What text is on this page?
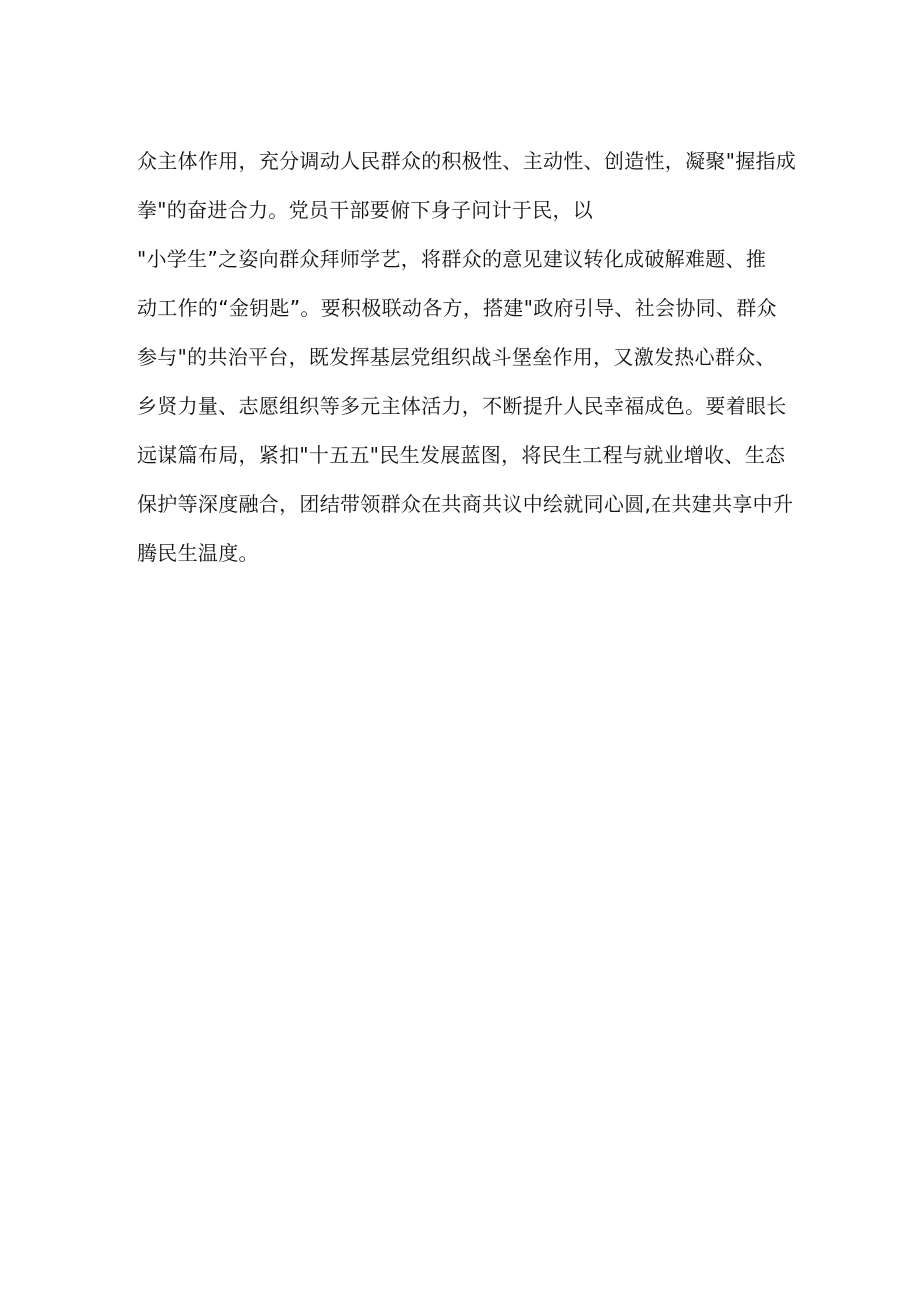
众主体作用，充分调动人民群众的积极性、主动性、创造性，凝聚"握指成
拳"的奋进合力。党员干部要俯下身子问计于民，以
"小学生”之姿向群众拜师学艺，将群众的意见建议转化成破解难题、推
动工作的“金钥匙”。要积极联动各方，搭建"政府引导、社会协同、群众
参与"的共治平台，既发挥基层党组织战斗堡垒作用，又激发热心群众、
乡贤力量、志愿组织等多元主体活力，不断提升人民幸福成色。要着眼长
远谋篇布局，紧扣"十五五"民生发展蓝图，将民生工程与就业增收、生态
保护等深度融合，团结带领群众在共商共议中绘就同心圆,在共建共享中升
腾民生温度。
